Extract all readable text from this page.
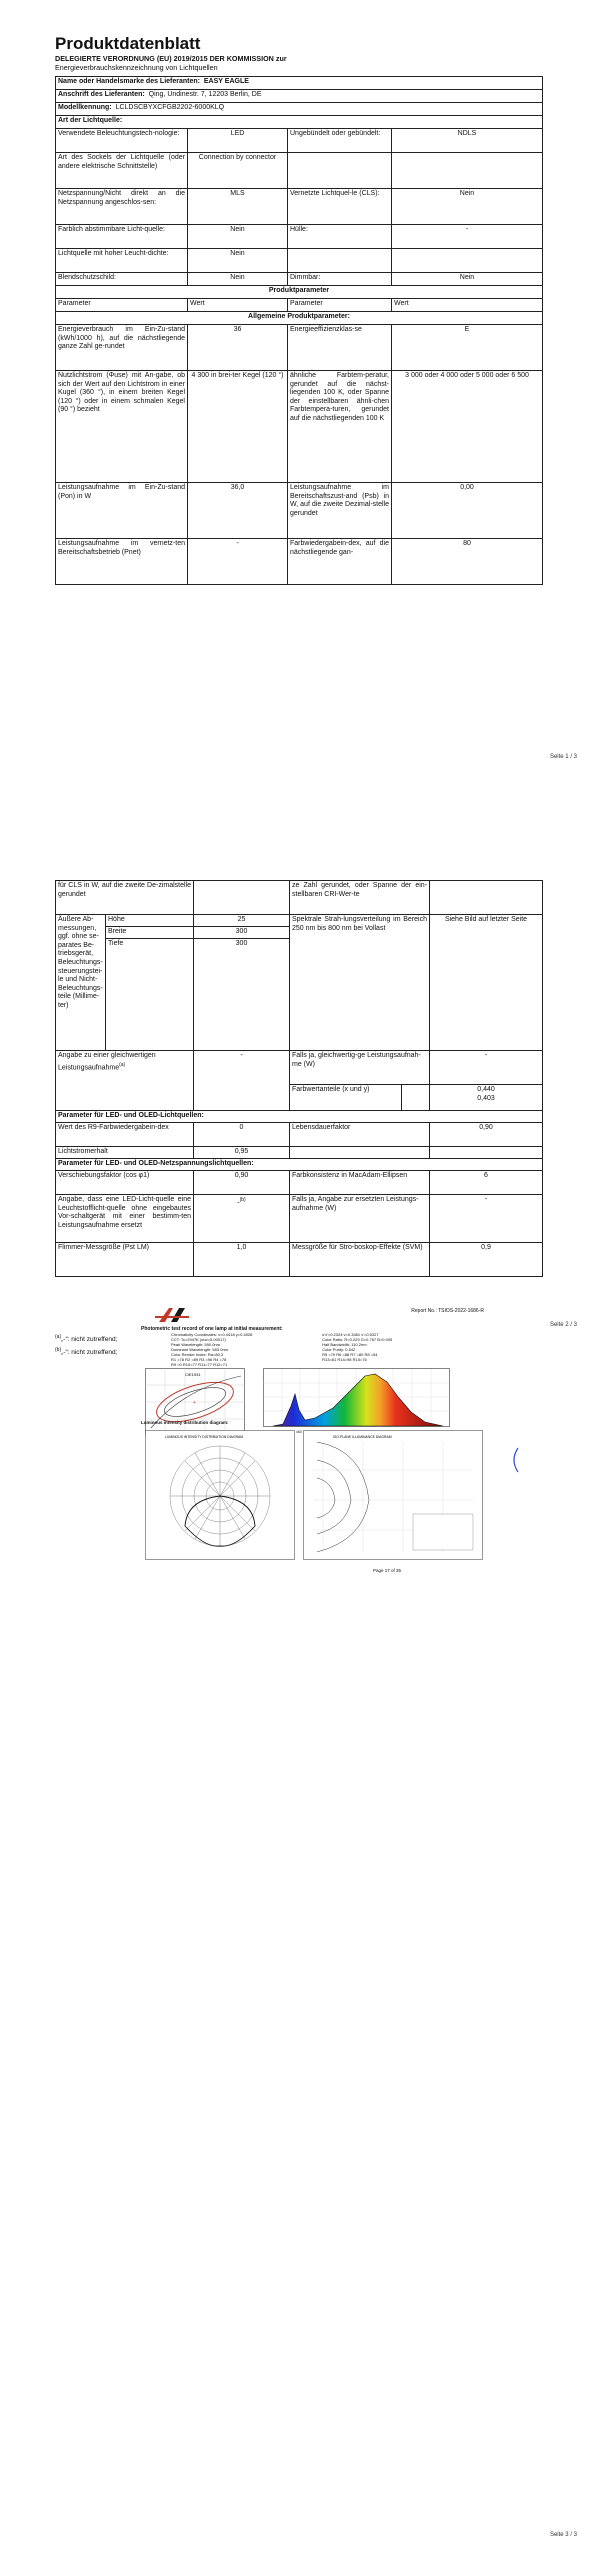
Produktdatenblatt
DELEGIERTE VERORDNUNG (EU) 2019/2015 DER KOMMISSION zur
Energieverbrauchskennzeichnung von Lichtquellen
Name oder Handelsmarke des Lieferanten: EASY EAGLE			
Anschrift des Lieferanten: Qing, Undinestr. 7, 12203 Berlin, DE			
Modellkennung: LCLDSCBYXCFGB2202-6000KLQ			
Art der Lichtquelle:			
Verwendete Beleuchtungstech-nologie:	LED	Ungebündelt oder gebündelt:	NDLS
Art des Sockels der Lichtquelle (oder andere elektrische Schnittstelle)	Connection by connector		
Netzspannung/Nicht direkt an die Netzspannung angeschlos-sen:	MLS	Vernetzte Lichtquel-le (CLS):	Nein
Farblich abstimmbare Licht-quelle:	Nein	Hülle:	-
Lichtquelle mit hoher Leucht-dichte:	Nein		
Blendschutzschild:	Nein	Dimmbar:	Nein
Produktparameter			
Parameter	Wert	Parameter	Wert
Allgemeine Produktparameter:			
Energieverbrauch im Ein-Zu-stand (kWh/1000 h), auf die nächstliegende ganze Zahl ge-rundet	36	Energieeffizienzklas-se	E
Nutzlichtstrom (Φuse) mit An-gabe, ob sich der Wert auf den Lichtstrom in einer Kugel (360 °), in einem breiten Kegel (120 °) oder in einem schmalen Kegel (90 °) bezieht	4 300 in brei-ter Kegel (120 °)	ähnliche Farbtem-peratur, gerundet auf die nächst-liegenden 100 K, oder Spanne der einstellbaren ähnli-chen Farbtempera-turen, gerundet auf die nächstliegenden 100 K	3 000 oder 4 000 oder 5 000 oder 6 500
Leistungsaufnahme im Ein-Zu-stand (Pon) in W	36,0	Leistungsaufnahme im Bereitschaftszust-and (Psb) in W, auf die zweite Dezimal-stelle gerundet	0,00
Leistungsaufnahme im vernetz-ten Bereitschaftsbetrieb (Pnet)	-	Farbwiedergabein-dex, auf die nächstliegende gan-	80
Seite 1 / 3
für CLS in W, auf die zweite De-zimalstelle gerundet			ze Zahl gerundet, oder Spanne der ein-stellbaren CRI-Wer-te		
Äußere Ab-messungen, ggf. ohne se-parates Be-triebsgerät, Beleuchtungs-steuerungstei-le und Nicht-Beleuchtungs-teile (Millime-ter)	Höhe	25	Spektrale Strah-lungsverteilung im Bereich 250 nm bis 800 nm bei Vollast		Siehe Bild auf letzter Seite
	Breite	300			
	Tiefe	300			
Angabe zu einer gleichwertigen Leistungsaufnahme$^{(a)}$		-	Falls ja, gleichwertig-ge Leistungsaufnah-me (W)		-
			Farbwertanteile (x und y)		0,440
0,403
Parameter für LED- und OLED-Lichtquellen:					
Wert des R9-Farbwiedergabein-dex		0	Lebensdauerfaktor		0,90
Lichtstromerhalt		0,95			
Parameter für LED- und OLED-Netzspannungslichtquellen:					
Verschiebungsfaktor (cos φ1)		0,90	Farbkonsistenz in MacAdam-Ellipsen		6
Angabe, dass eine LED-Licht-quelle eine Leuchtstofflicht-quelle ohne eingebautes Vor-schaltgerät mit einer bestimm-ten Leistungsaufnahme ersetzt		-$^{(b)}$	Falls ja, Angabe zur ersetzten Leistungs-aufnahme (W)		-
Flimmer-Messgröße (Pst LM)		1,0	Messgröße für Stro-boskop-Effekte (SVM)		0,9
$^{(a)}$„-“: nicht zutreffend;
$^{(b)}$„-“: nicht zutreffend;
Seite 2 / 3
Report No.: TSIOS-2022-1686-R
Photometric test record of one lamp at initial measurement:
Chromaticity Coordinates: x=0.4418 y=0.4028
CCT: Tc=2947K (duv=5.00017)
Peak Wavelength: 590.0nm
Dominant Wavelength: 583.0nm
Color Render Index: Ra=80.3
R1 =78 R2 =89 R3 =96 R4 =78
R9 =0 R10=77 R11=77 R12=71

u'v'=0.2324 v=0.3481 v'=0.5327
Color Ratio: R=0.229 G=0.767 B=0.005
Half Bandwidth: 110.2nm
Color Purity: 0.542
R5 =79 R6 =88 R7 =80 R8 =54
R13=81 R14=98 R15=76
CIE1931
+
460
Luminous intensity distribution diagram:
LUMINOUS INTENSITY DISTRIBUTION DIAGRAM	ISO-PLANE ILLUMINANCE DIAGRAM
Page 17 of 35
Seite 3 / 3
